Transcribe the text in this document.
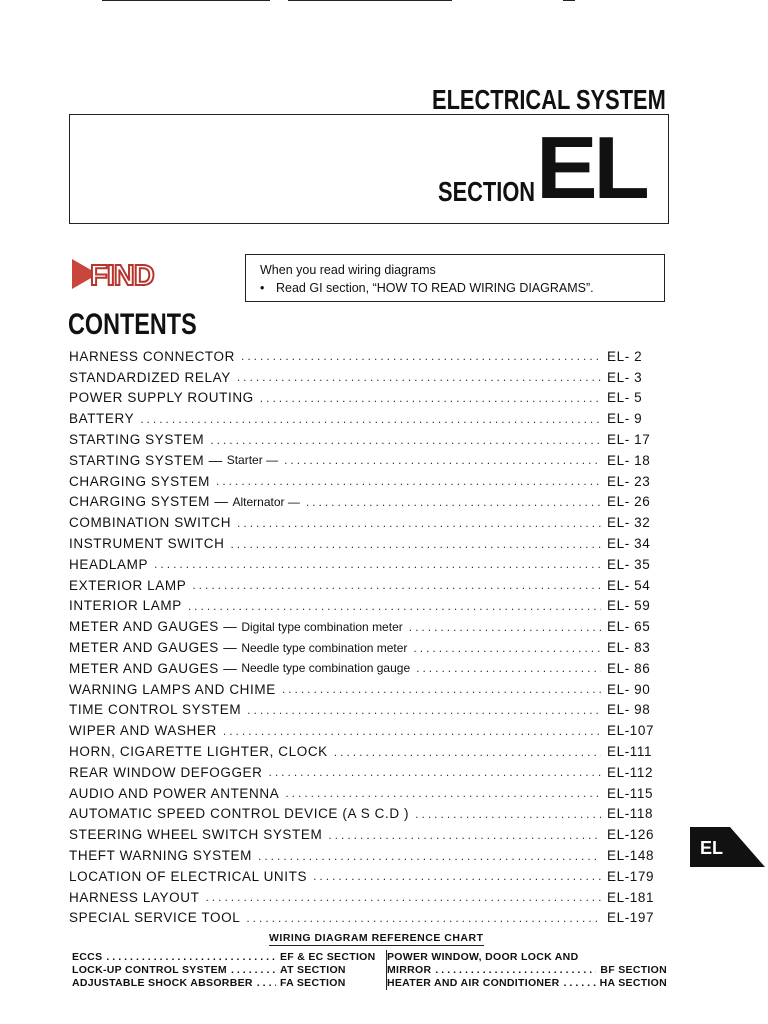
ELECTRICAL SYSTEM
SECTION EL
FIND	When you read wiring diagrams
• Read GI section, “HOW TO READ WIRING DIAGRAMS”.
CONTENTS
HARNESS CONNECTOR .....	EL- 2
STANDARDIZED RELAY .....	EL- 3
POWER SUPPLY ROUTING .....	EL- 5
BATTERY .....	EL- 9
STARTING SYSTEM .....	EL- 17
STARTING SYSTEM — Starter — .....	EL- 18
CHARGING SYSTEM .....	EL- 23
CHARGING SYSTEM — Alternator — .....	EL- 26
COMBINATION SWITCH .....	EL- 32
INSTRUMENT SWITCH .....	EL- 34
HEADLAMP .....	EL- 35
EXTERIOR LAMP .....	EL- 54
INTERIOR LAMP .....	EL- 59
METER AND GAUGES — Digital type combination meter .....	EL- 65
METER AND GAUGES — Needle type combination meter .....	EL- 83
METER AND GAUGES — Needle type combination gauge .....	EL- 86
WARNING LAMPS AND CHIME .....	EL- 90
TIME CONTROL SYSTEM .....	EL- 98
WIPER AND WASHER .....	EL-107
HORN, CIGARETTE LIGHTER, CLOCK .....	EL-111
REAR WINDOW DEFOGGER .....	EL-112
AUDIO AND POWER ANTENNA .....	EL-115
AUTOMATIC SPEED CONTROL DEVICE (A S C.D ) .....	EL-118
STEERING WHEEL SWITCH SYSTEM .....	EL-126
THEFT WARNING SYSTEM .....	EL-148
LOCATION OF ELECTRICAL UNITS .....	EL-179
HARNESS LAYOUT .....	EL-181
SPECIAL SERVICE TOOL .....	EL-197
EL
WIRING DIAGRAM REFERENCE CHART
ECCS .....	EF & EC SECTION
LOCK-UP CONTROL SYSTEM .....	AT SECTION
ADJUSTABLE SHOCK ABSORBER .....	FA SECTION
POWER WINDOW, DOOR LOCK AND
MIRROR .....	BF SECTION
HEATER AND AIR CONDITIONER .....	HA SECTION
